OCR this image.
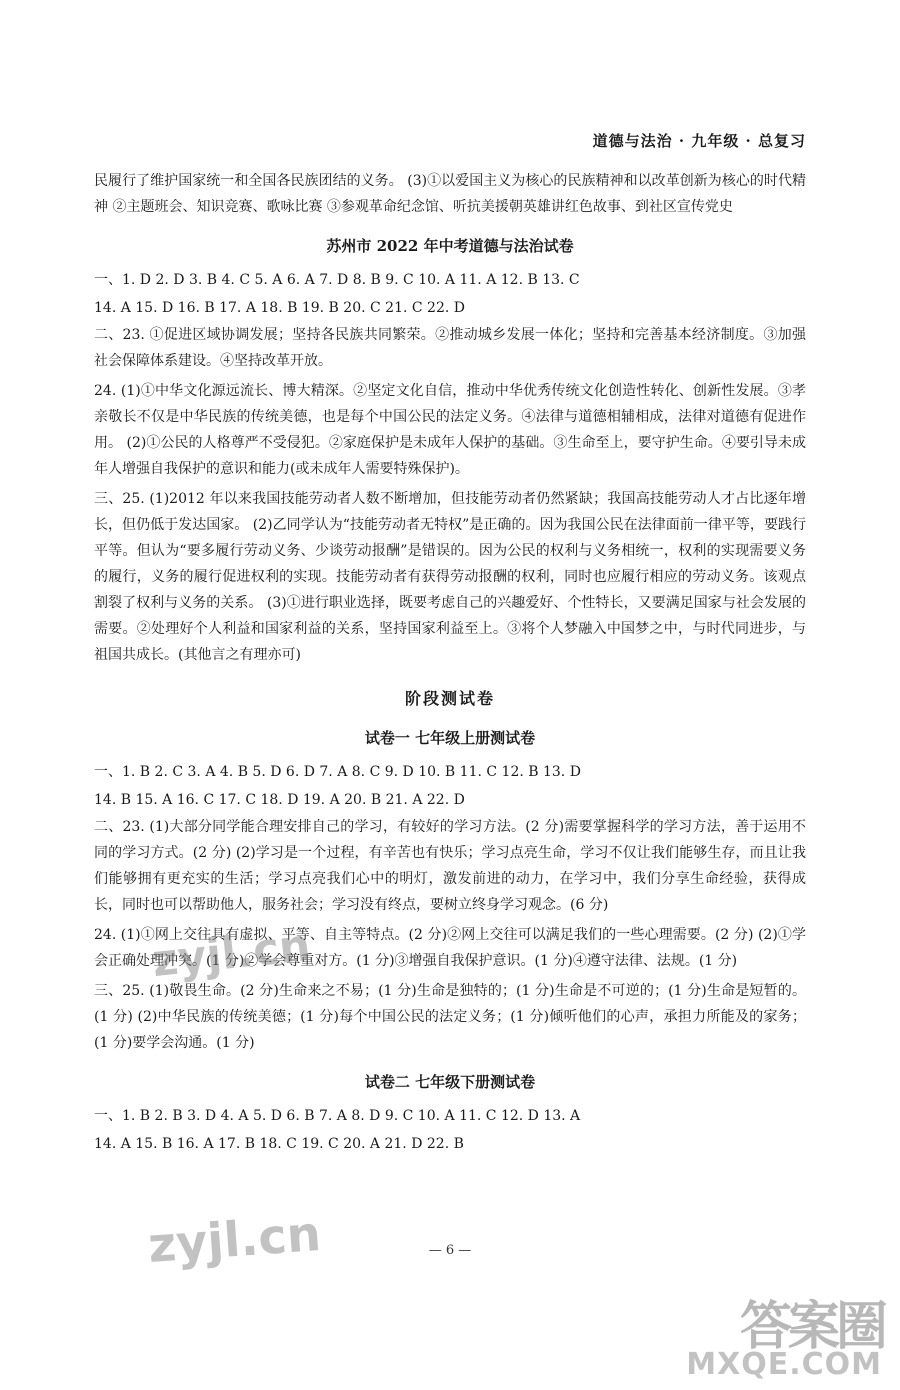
道德与法治 · 九年级 · 总复习

民履行了维护国家统一和全国各民族团结的义务。 (3)①以爱国主义为核心的民族精神和以改革创新为核心的时代精神 ②主题班会、知识竞赛、歌咏比赛 ③参观革命纪念馆、听抗美援朝英雄讲红色故事、到社区宣传党史

苏州市 2022 年中考道德与法治试卷

一、1. D 2. D 3. B 4. C 5. A 6. A 7. D 8. B 9. C 10. A 11. A 12. B 13. C

14. A 15. D 16. B 17. A 18. B 19. B 20. C 21. C 22. D

二、23. ①促进区域协调发展；坚持各民族共同繁荣。②推动城乡发展一体化；坚持和完善基本经济制度。③加强社会保障体系建设。④坚持改革开放。

24. (1)①中华文化源远流长、博大精深。②坚定文化自信，推动中华优秀传统文化创造性转化、创新性发展。③孝亲敬长不仅是中华民族的传统美德，也是每个中国公民的法定义务。④法律与道德相辅相成，法律对道德有促进作用。 (2)①公民的人格尊严不受侵犯。②家庭保护是未成年人保护的基础。③生命至上，要守护生命。④要引导未成年人增强自我保护的意识和能力(或未成年人需要特殊保护)。

三、25. (1)2012 年以来我国技能劳动者人数不断增加，但技能劳动者仍然紧缺；我国高技能劳动人才占比逐年增长，但仍低于发达国家。 (2)乙同学认为“技能劳动者无特权”是正确的。因为我国公民在法律面前一律平等，要践行平等。但认为“要多履行劳动义务、少谈劳动报酬”是错误的。因为公民的权利与义务相统一，权利的实现需要义务的履行，义务的履行促进权利的实现。技能劳动者有获得劳动报酬的权利，同时也应履行相应的劳动义务。该观点割裂了权利与义务的关系。 (3)①进行职业选择，既要考虑自己的兴趣爱好、个性特长，又要满足国家与社会发展的需要。②处理好个人利益和国家利益的关系，坚持国家利益至上。③将个人梦融入中国梦之中，与时代同进步，与祖国共成长。(其他言之有理亦可)

阶段测试卷
试卷一 七年级上册测试卷

一、1. B 2. C 3. A 4. B 5. D 6. D 7. A 8. C 9. D 10. B 11. C 12. B 13. D

14. B 15. A 16. C 17. C 18. D 19. A 20. B 21. A 22. D

二、23. (1)大部分同学能合理安排自己的学习，有较好的学习方法。(2 分)需要掌握科学的学习方法，善于运用不同的学习方式。(2 分) (2)学习是一个过程，有辛苦也有快乐；学习点亮生命，学习不仅让我们能够生存，而且让我们能够拥有更充实的生活；学习点亮我们心中的明灯，激发前进的动力，在学习中，我们分享生命经验，获得成长，同时也可以帮助他人，服务社会；学习没有终点，要树立终身学习观念。(6 分)

24. (1)①网上交往具有虚拟、平等、自主等特点。(2 分)②网上交往可以满足我们的一些心理需要。(2 分) (2)①学会正确处理冲突。(1 分)②学会尊重对方。(1 分)③增强自我保护意识。(1 分)④遵守法律、法规。(1 分)

三、25. (1)敬畏生命。(2 分)生命来之不易；(1 分)生命是独特的；(1 分)生命是不可逆的；(1 分)生命是短暂的。(1 分) (2)中华民族的传统美德；(1 分)每个中国公民的法定义务；(1 分)倾听他们的心声，承担力所能及的家务；(1 分)要学会沟通。(1 分)

试卷二 七年级下册测试卷

一、1. B 2. B 3. D 4. A 5. D 6. B 7. A 8. D 9. C 10. A 11. C 12. D 13. A

14. A 15. B 16. A 17. B 18. C 19. C 20. A 21. D 22. B

— 6 —
zyjl.cn
zyjl.cn
答案圈
MXQE.COM
